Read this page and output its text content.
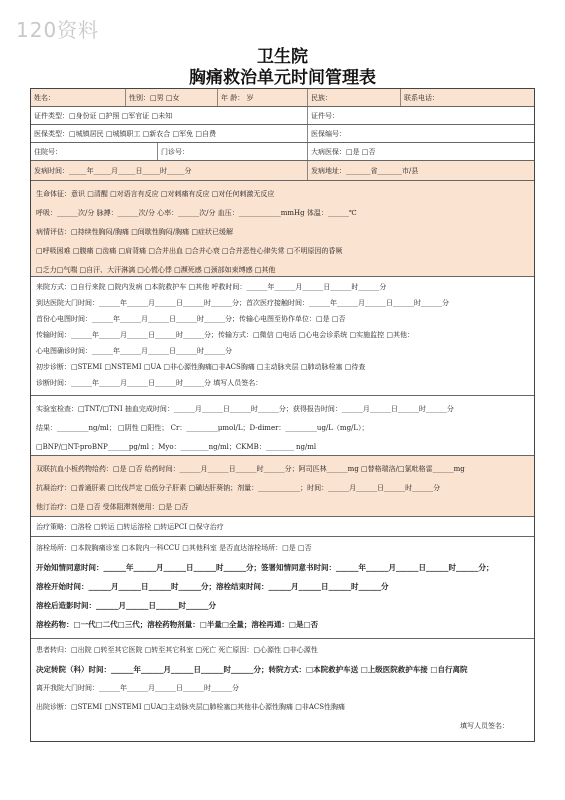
120资料
卫生院
胸痛救治单元时间管理表
姓名：	性别：□男 □女	年 龄： 岁	民族：	联系电话：
证件类型：□身份证 □护照 □军官证 □未知	证件号：
医保类型：□城镇居民 □城镇职工 □新农合 □军免 □自费	医保编号：
住院号：	门诊号：	大病医保：□是 □否
发病时间：_____年_____月_____日_____时_____分	发病地址：_______省_______市/县
生命体征：意识 □清醒 □对语言有反应 □对刺痛有反应 □对任何刺激无反应
呼吸：______次/分 脉搏：______次/分 心率：______次/分 血压：____________mmHg 体温：______℃
病情评估：□持续性胸闷/胸痛 □间歇性胸闷/胸痛 □症状已缓解
□呼吸困难 □腹痛 □齿痛 □肩背痛 □合并出血 □合并心衰 □合并恶性心律失常 □不明原因的昏厥
□乏力□气喘 □自汗、大汗淋漓 □心慌心悸 □濒死感 □颈部如束缚感 □其他
来院方式：□自行来院 □院内发病 □本院救护车 □其他 呼救时间：______年______月______日______时______分
到达医院大门时间：______年______月______日______时______分；首次医疗接触时间：______年______月______日______时______分
首份心电图时间：______年______月______日______时______分；传输心电图至协作单位：□是 □否
传输时间：______年______月______日______时______分；传输方式：□微信 □电话 □心电会诊系统 □实施监控 □其他：
心电图确诊时间：______年______月______日______时______分
初步诊断：□STEMI □NSTEMI □UA □非心源性胸痛□非ACS胸痛 □主动脉夹层 □肺动脉栓塞 □待查
诊断时间：______年______月______日______时______分 填写人员签名：
实验室检查：□TNT/□TNI 抽血完成时间：______月______日______时______分；获得报告时间：______月______日______时______分
结果：_________ng/ml； □阴性 □阳性； Cr：_________μmol/L；D-dimer：_________ug/L（mg/L）；
□BNP/□NT-proBNP______pg/ml ；Myo：________ng/ml；CKMB：________ ng/ml
双联抗血小板药物给药：□是 □否 给药时间：______月______日______时______分；阿司匹林______mg □替格瑞洛/□氯吡格雷______mg
抗凝治疗：□普通肝素 □比伐芦定 □低分子肝素 □磺达肝葵钠；剂量：____________；时间：______月______日______时______分
他汀治疗：□是 □否 受体阻滞剂使用：□是 □否
治疗策略：□溶栓 □转运 □转运溶栓 □转运PCI □保守治疗
溶栓场所：□本院胸痛诊室 □本院内一科CCU □其他科室 是否直达溶栓场所：□是 □否
开始知情同意时间：______年______月______日______时______分；签署知情同意书时间：______年______月______日______时______分；
溶栓开始时间：______月______日______时______分；溶栓结束时间：______月______日______时______分
溶栓后造影时间：______月______日______时______分
溶栓药物：□一代□二代□三代；溶栓药物剂量：□半量□全量；溶栓再通：□是□否
患者转归：□出院 □转至其它医院 □转至其它科室 □死亡 死亡原因：□心源性 □非心源性
决定转院（科）时间：______年______月______日______时______分；转院方式：□本院救护车送 □上级医院救护车接 □自行离院
离开我院大门时间：______年______月______日______时______分
出院诊断：□STEMI □NSTEMI □UA□主动脉夹层□肺栓塞□其他非心源性胸痛 □非ACS性胸痛
填写人员签名：
